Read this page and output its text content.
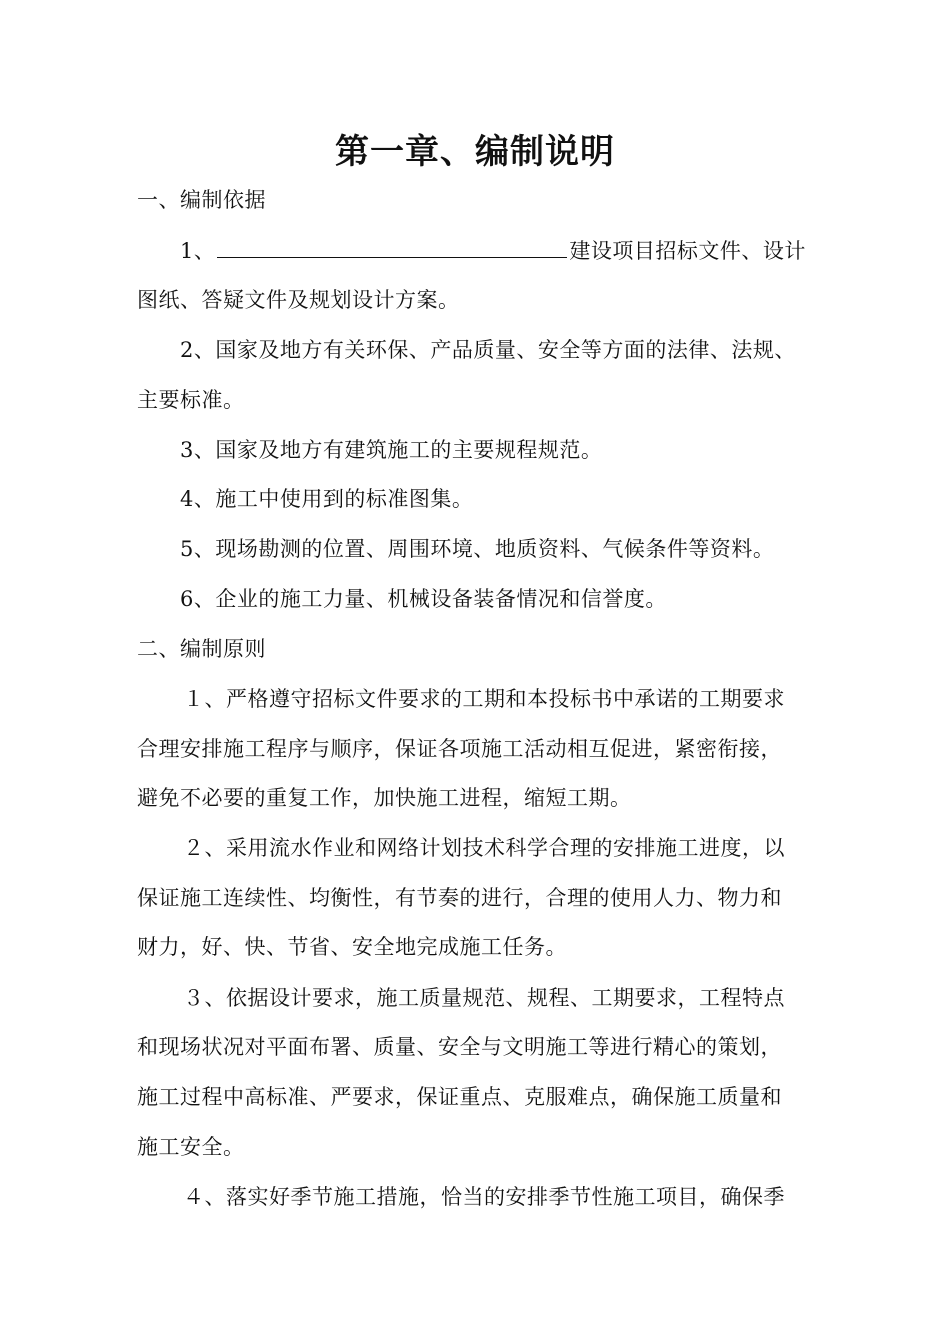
第一章、编制说明
一、编制依据
1、	建设项目招标文件、设计
图纸、答疑文件及规划设计方案。
2、国家及地方有关环保、产品质量、安全等方面的法律、法规、
主要标准。
3、国家及地方有建筑施工的主要规程规范。
4、施工中使用到的标准图集。
5、现场勘测的位置、周围环境、地质资料、气候条件等资料。
6、企业的施工力量、机械设备装备情况和信誉度。
二、编制原则
１、严格遵守招标文件要求的工期和本投标书中承诺的工期要求
合理安排施工程序与顺序，保证各项施工活动相互促进，紧密衔接，
避免不必要的重复工作，加快施工进程，缩短工期。
２、采用流水作业和网络计划技术科学合理的安排施工进度，以
保证施工连续性、均衡性，有节奏的进行，合理的使用人力、物力和
财力，好、快、节省、安全地完成施工任务。
３、依据设计要求，施工质量规范、规程、工期要求，工程特点
和现场状况对平面布署、质量、安全与文明施工等进行精心的策划，
施工过程中高标准、严要求，保证重点、克服难点，确保施工质量和
施工安全。
４、落实好季节施工措施，恰当的安排季节性施工项目，确保季
